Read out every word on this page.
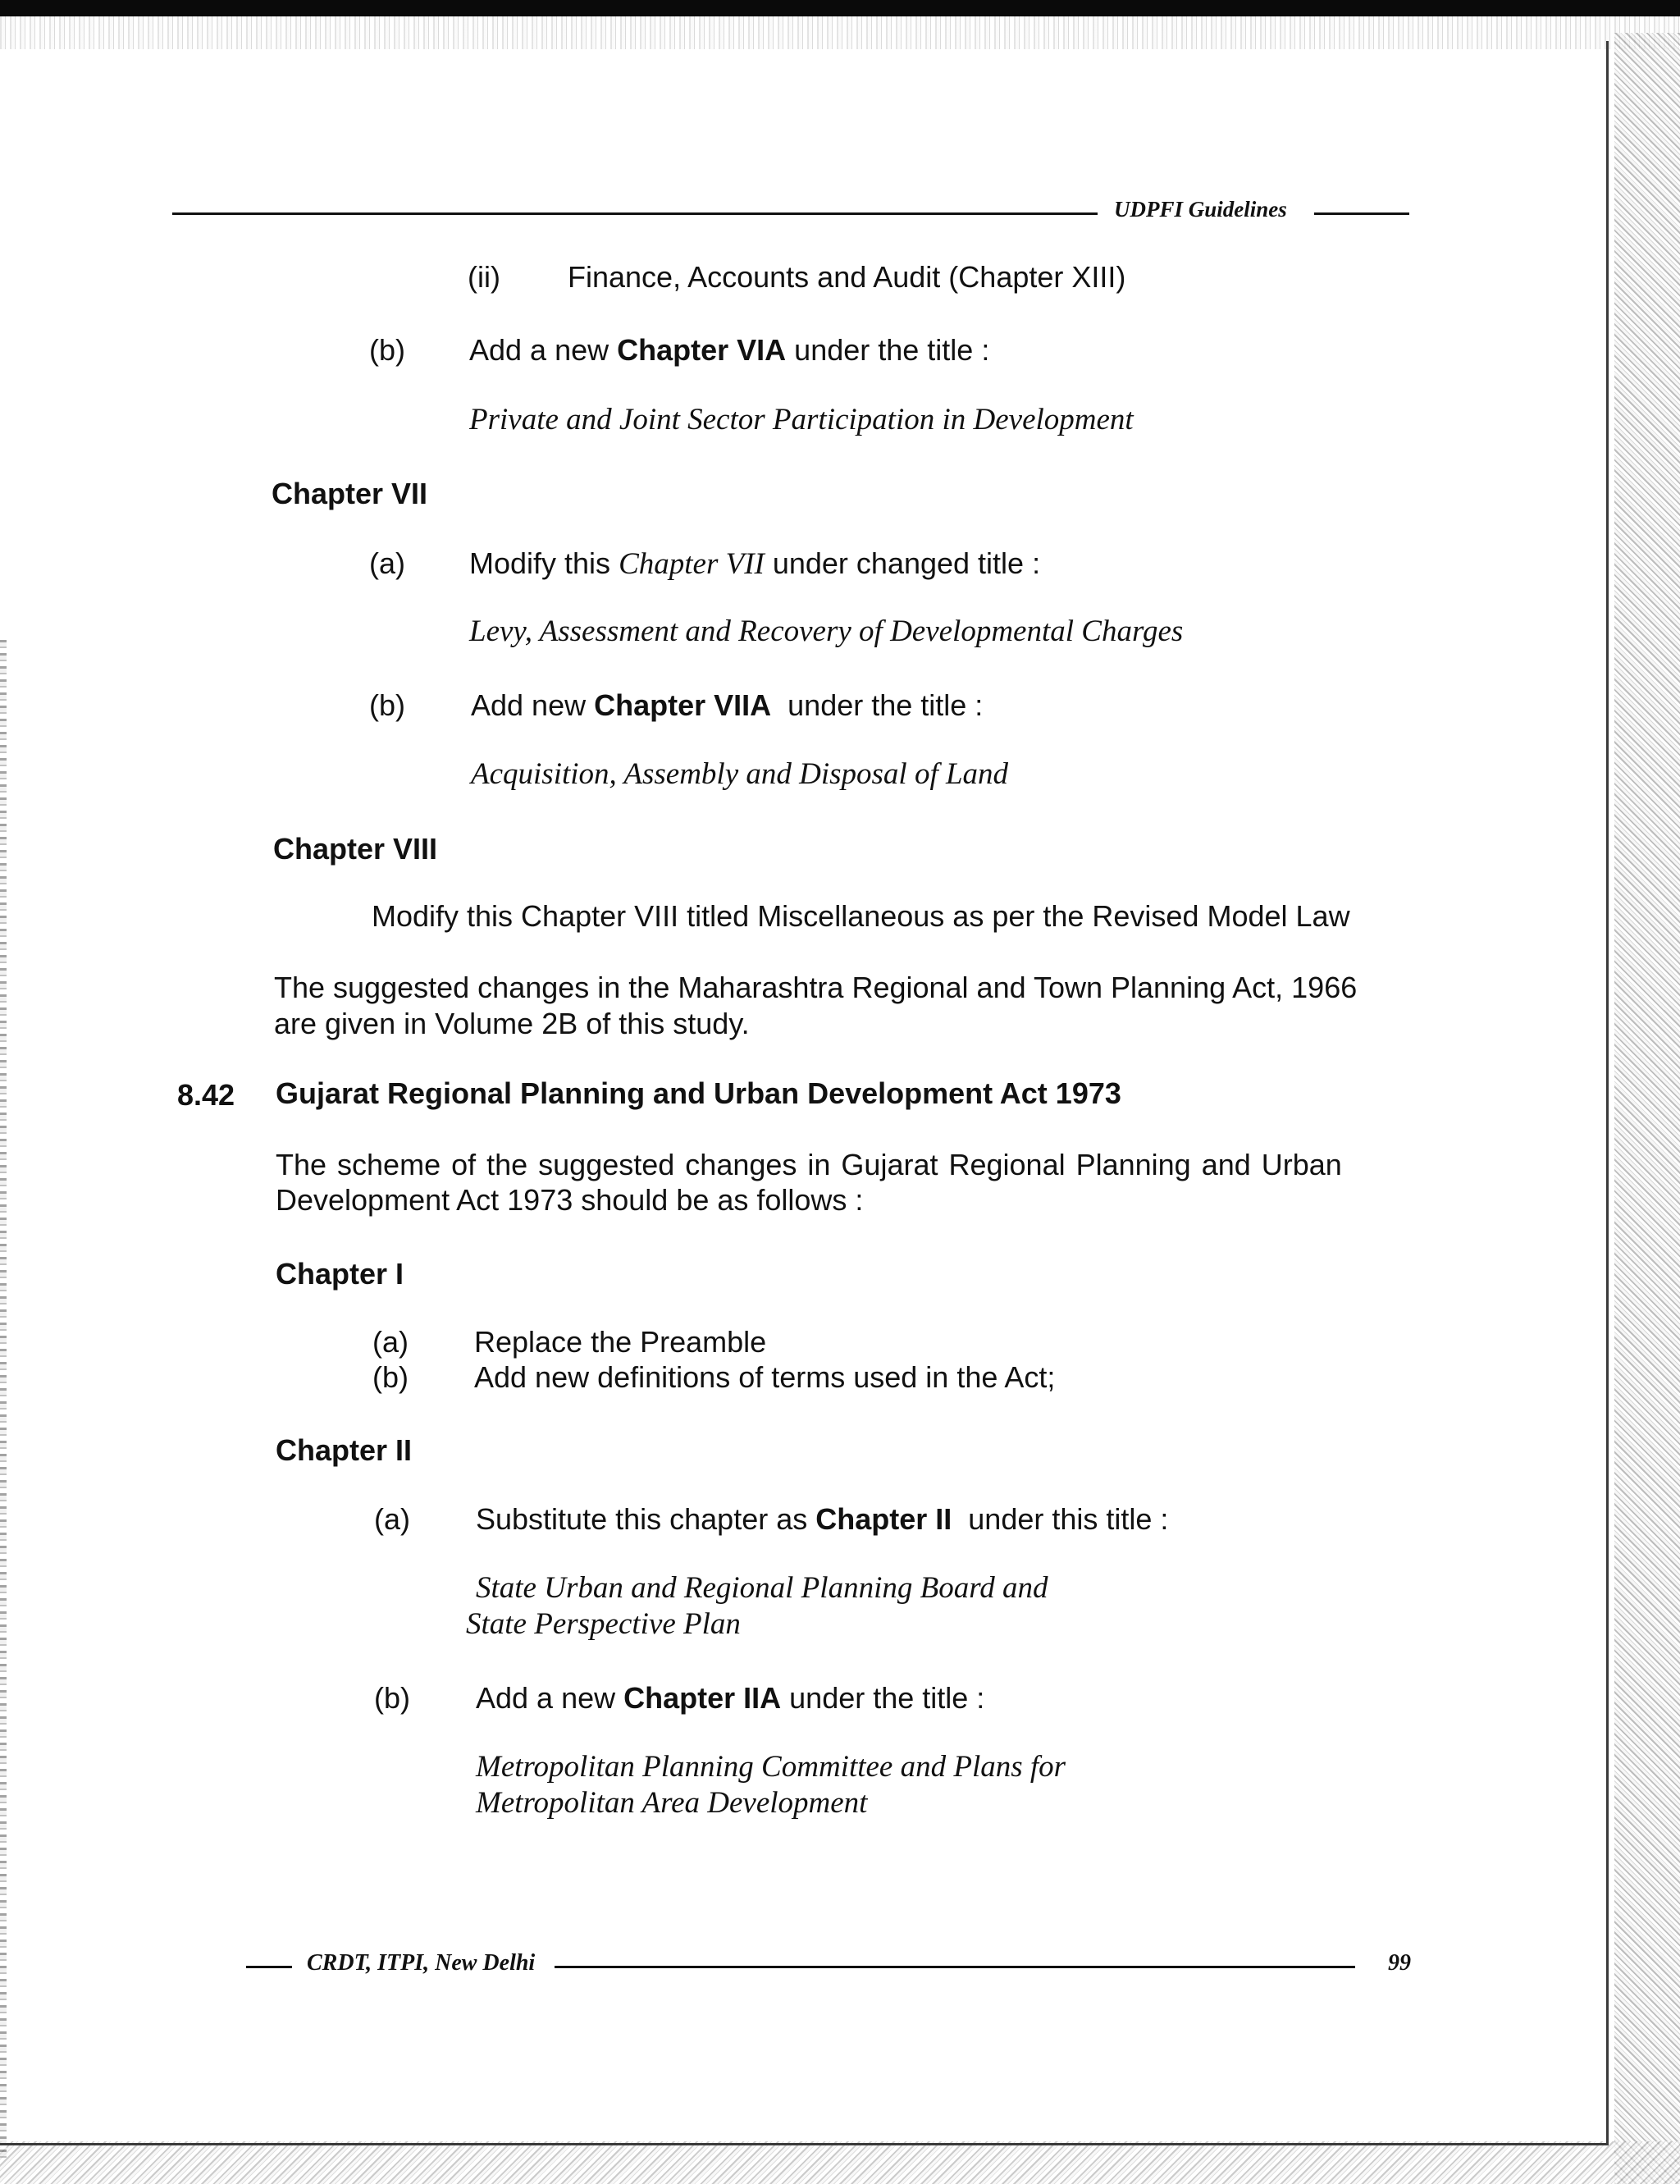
UDPFI Guidelines
(ii) Finance, Accounts and Audit (Chapter XIII)
(b) Add a new Chapter VIA under the title :
Private and Joint Sector Participation in Development
Chapter VII
(a) Modify this Chapter VII under changed title :
Levy, Assessment and Recovery of Developmental Charges
(b) Add new Chapter VIIA  under the title :
Acquisition, Assembly and Disposal of Land
Chapter VIII
Modify this Chapter VIII titled Miscellaneous as per the Revised Model Law
The suggested changes in the Maharashtra Regional and Town Planning Act, 1966
are given in Volume 2B of this study.
8.42 Gujarat Regional Planning and Urban Development Act 1973
The scheme of the suggested changes in Gujarat Regional Planning and Urban
Development Act 1973 should be as follows :
Chapter I
(a) Replace the Preamble
(b) Add new definitions of terms used in the Act;
Chapter II
(a) Substitute this chapter as Chapter II  under this title :
State Urban and Regional Planning Board and
State Perspective Plan
(b) Add a new Chapter IIA under the title :
Metropolitan Planning Committee and Plans for
Metropolitan Area Development
CRDT, ITPI, New Delhi	99
